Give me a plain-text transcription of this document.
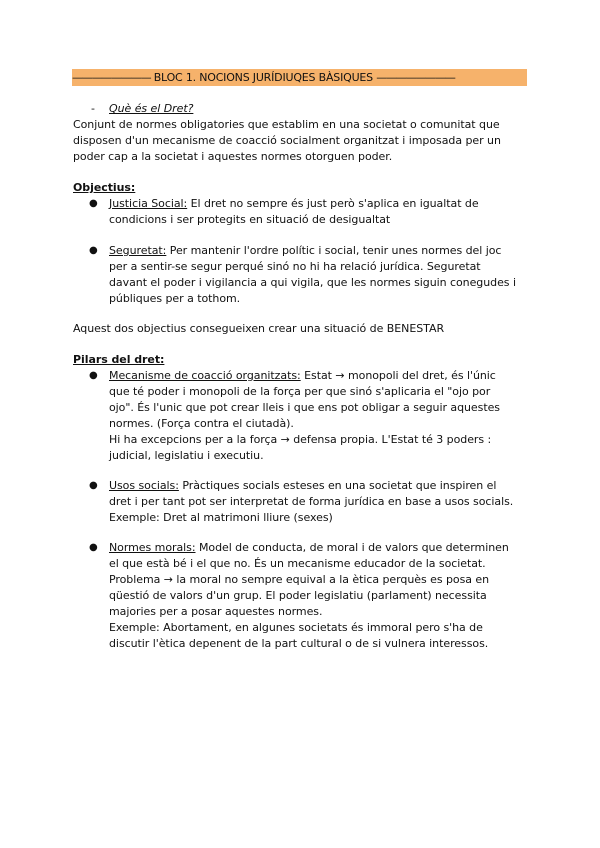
———————— BLOC 1. NOCIONS JURÍDIUQES BÀSIQUES ————————
- Què és el Dret?
Conjunt de normes obligatories que establim en una societat o comunitat que
disposen d'un mecanisme de coacció socialment organitzat i imposada per un
poder cap a la societat i aquestes normes otorguen poder.
Objectius:
● Justicia Social: El dret no sempre és just però s'aplica en igualtat de
condicions i ser protegits en situació de desigualtat
● Seguretat: Per mantenir l'ordre polític i social, tenir unes normes del joc
per a sentir-se segur perqué sinó no hi ha relació jurídica. Seguretat
davant el poder i vigilancia a qui vigila, que les normes siguin conegudes i
públiques per a tothom.
Aquest dos objectius consegueixen crear una situació de BENESTAR
Pilars del dret:
● Mecanisme de coacció organitzats: Estat → monopoli del dret, és l'únic
que té poder i monopoli de la força per que sinó s'aplicaria el "ojo por
ojo". És l'unic que pot crear lleis i que ens pot obligar a seguir aquestes
normes. (Força contra el ciutadà).
Hi ha excepcions per a la força → defensa propia. L'Estat té 3 poders :
judicial, legislatiu i executiu.
● Usos socials: Pràctiques socials esteses en una societat que inspiren el
dret i per tant pot ser interpretat de forma jurídica en base a usos socials.
Exemple: Dret al matrimoni lliure (sexes)
● Normes morals: Model de conducta, de moral i de valors que determinen
el que està bé i el que no. És un mecanisme educador de la societat.
Problema → la moral no sempre equival a la ètica perquès es posa en
qüestió de valors d'un grup. El poder legislatiu (parlament) necessita
majories per a posar aquestes normes.
Exemple: Abortament, en algunes societats és immoral pero s'ha de
discutir l'ètica depenent de la part cultural o de si vulnera interessos.
